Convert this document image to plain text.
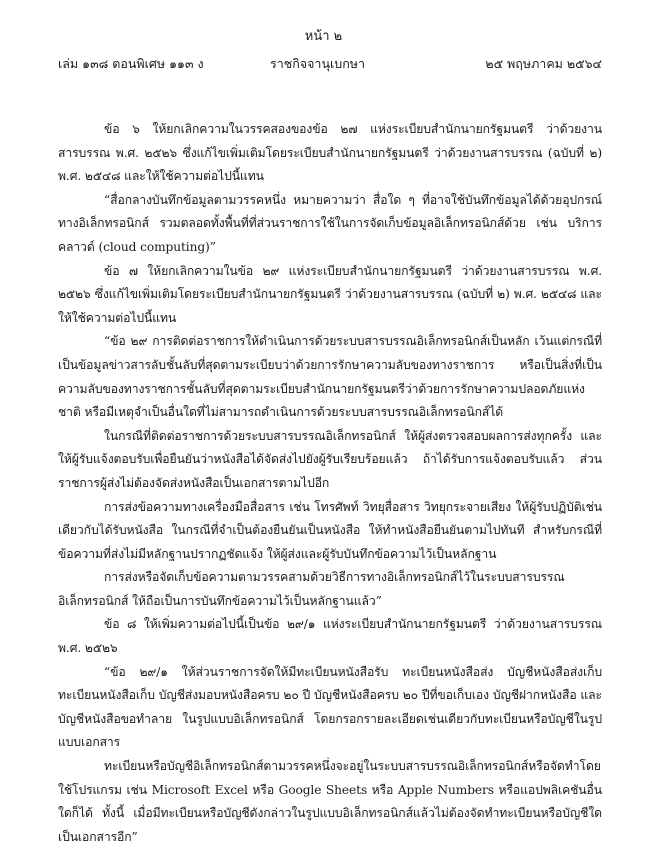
หน้า ๒
เล่ม ๑๓๘ ตอนพิเศษ ๑๑๓ ง	ราชกิจจานุเบกษา	๒๕ พฤษภาคม ๒๕๖๔

ข้อ ๖ ให้ยกเลิกความในวรรคสองของข้อ ๒๗ แห่งระเบียบสำนักนายกรัฐมนตรี ว่าด้วยงานสารบรรณ พ.ศ. ๒๕๒๖ ซึ่งแก้ไขเพิ่มเติมโดยระเบียบสำนักนายกรัฐมนตรี ว่าด้วยงานสารบรรณ (ฉบับที่ ๒) พ.ศ. ๒๕๔๘ และให้ใช้ความต่อไปนี้แทน

“สื่อกลางบันทึกข้อมูลตามวรรคหนึ่ง หมายความว่า สื่อใด ๆ ที่อาจใช้บันทึกข้อมูลได้ด้วยอุปกรณ์ทางอิเล็กทรอนิกส์ รวมตลอดทั้งพื้นที่ที่ส่วนราชการใช้ในการจัดเก็บข้อมูลอิเล็กทรอนิกส์ด้วย เช่น บริการคลาวด์ (cloud computing)”

ข้อ ๗ ให้ยกเลิกความในข้อ ๒๙ แห่งระเบียบสำนักนายกรัฐมนตรี ว่าด้วยงานสารบรรณ พ.ศ. ๒๕๒๖ ซึ่งแก้ไขเพิ่มเติมโดยระเบียบสำนักนายกรัฐมนตรี ว่าด้วยงานสารบรรณ (ฉบับที่ ๒) พ.ศ. ๒๕๔๘ และให้ใช้ความต่อไปนี้แทน

“ข้อ ๒๙ การติดต่อราชการให้ดำเนินการด้วยระบบสารบรรณอิเล็กทรอนิกส์เป็นหลัก เว้นแต่กรณีที่เป็นข้อมูลข่าวสารลับชั้นลับที่สุดตามระเบียบว่าด้วยการรักษาความลับของทางราชการ หรือเป็นสิ่งที่เป็นความลับของทางราชการชั้นลับที่สุดตามระเบียบสำนักนายกรัฐมนตรีว่าด้วยการรักษาความปลอดภัยแห่งชาติ หรือมีเหตุจำเป็นอื่นใดที่ไม่สามารถดำเนินการด้วยระบบสารบรรณอิเล็กทรอนิกส์ได้

ในกรณีที่ติดต่อราชการด้วยระบบสารบรรณอิเล็กทรอนิกส์ ให้ผู้ส่งตรวจสอบผลการส่งทุกครั้ง และให้ผู้รับแจ้งตอบรับเพื่อยืนยันว่าหนังสือได้จัดส่งไปยังผู้รับเรียบร้อยแล้ว ถ้าได้รับการแจ้งตอบรับแล้ว ส่วนราชการผู้ส่งไม่ต้องจัดส่งหนังสือเป็นเอกสารตามไปอีก

การส่งข้อความทางเครื่องมือสื่อสาร เช่น โทรศัพท์ วิทยุสื่อสาร วิทยุกระจายเสียง ให้ผู้รับปฏิบัติเช่นเดียวกับได้รับหนังสือ ในกรณีที่จำเป็นต้องยืนยันเป็นหนังสือ ให้ทำหนังสือยืนยันตามไปทันที สำหรับกรณีที่ข้อความที่ส่งไม่มีหลักฐานปรากฏชัดแจ้ง ให้ผู้ส่งและผู้รับบันทึกข้อความไว้เป็นหลักฐาน

การส่งหรือจัดเก็บข้อความตามวรรคสามด้วยวิธีการทางอิเล็กทรอนิกส์ไว้ในระบบสารบรรณอิเล็กทรอนิกส์ ให้ถือเป็นการบันทึกข้อความไว้เป็นหลักฐานแล้ว”

ข้อ ๘ ให้เพิ่มความต่อไปนี้เป็นข้อ ๒๙/๑ แห่งระเบียบสำนักนายกรัฐมนตรี ว่าด้วยงานสารบรรณ พ.ศ. ๒๕๒๖

“ข้อ ๒๙/๑ ให้ส่วนราชการจัดให้มีทะเบียนหนังสือรับ ทะเบียนหนังสือส่ง บัญชีหนังสือส่งเก็บ ทะเบียนหนังสือเก็บ บัญชีส่งมอบหนังสือครบ ๒๐ ปี บัญชีหนังสือครบ ๒๐ ปีที่ขอเก็บเอง บัญชีฝากหนังสือ และบัญชีหนังสือขอทำลาย ในรูปแบบอิเล็กทรอนิกส์ โดยกรอกรายละเอียดเช่นเดียวกับทะเบียนหรือบัญชีในรูปแบบเอกสาร

ทะเบียนหรือบัญชีอิเล็กทรอนิกส์ตามวรรคหนึ่งจะอยู่ในระบบสารบรรณอิเล็กทรอนิกส์หรือจัดทำโดยใช้โปรแกรม เช่น Microsoft Excel หรือ Google Sheets หรือ Apple Numbers หรือแอปพลิเคชันอื่นใดก็ได้ ทั้งนี้ เมื่อมีทะเบียนหรือบัญชีดังกล่าวในรูปแบบอิเล็กทรอนิกส์แล้วไม่ต้องจัดทำทะเบียนหรือบัญชีใดเป็นเอกสารอีก”
